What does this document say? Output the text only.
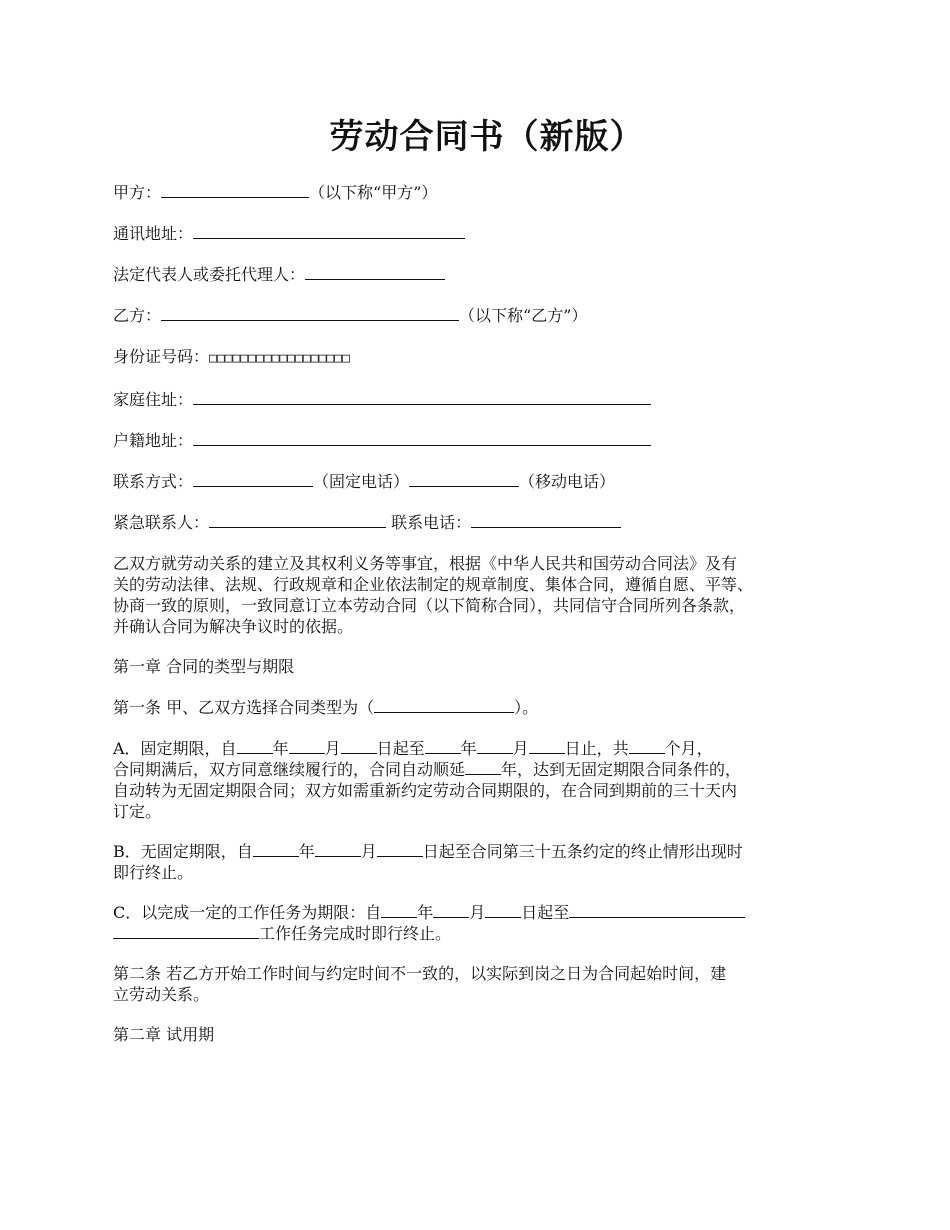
劳动合同书（新版）
甲方：	（以下称“甲方”）
通讯地址：
法定代表人或委托代理人：
乙方：	（以下称“乙方”）
身份证号码：□□□□□□□□□□□□□□□□□□
家庭住址：
户籍地址：
联系方式：	（固定电话）	（移动电话）
紧急联系人：	联系电话：
乙双方就劳动关系的建立及其权利义务等事宜，根据《中华人民共和国劳动合同法》及有
关的劳动法律、法规、行政规章和企业依法制定的规章制度、集体合同，遵循自愿、平等、
协商一致的原则，一致同意订立本劳动合同（以下简称合同），共同信守合同所列各条款，
并确认合同为解决争议时的依据。
第一章 合同的类型与期限
第一条 甲、乙双方选择合同类型为（	）。
A．固定期限，自 年 月 日起至 年 月 日止，共 个月，
合同期满后，双方同意继续履行的，合同自动顺延 年，达到无固定期限合同条件的，
自动转为无固定期限合同；双方如需重新约定劳动合同期限的，在合同到期前的三十天内
订定。
B．无固定期限，自	年	月	日起至合同第三十五条约定的终止情形出现时
即行终止。
C．以完成一定的工作任务为期限：自 年 月 日起至
工作任务完成时即行终止。
第二条 若乙方开始工作时间与约定时间不一致的，以实际到岗之日为合同起始时间，建
立劳动关系。
第二章 试用期
